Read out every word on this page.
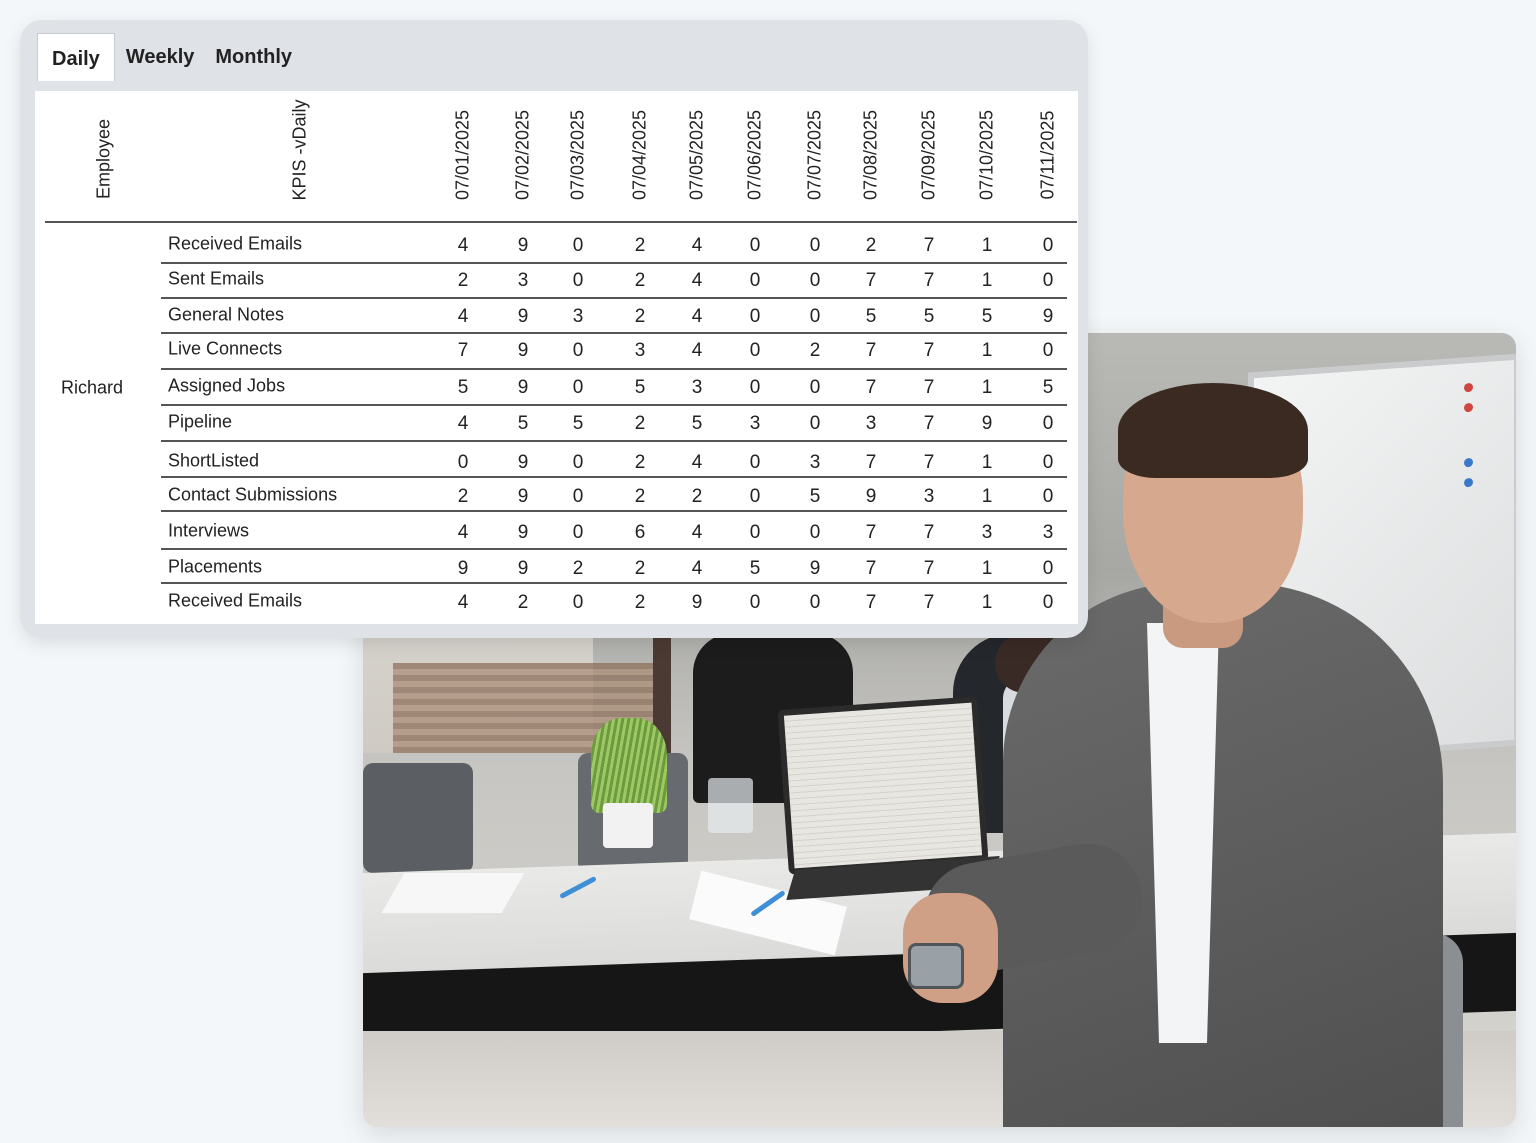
Daily	Weekly	Monthly
Employee	KPIS -vDaily
Richard
07/01/2025 07/02/2025 07/03/2025 07/04/2025 07/05/2025 07/06/2025 07/07/2025 07/08/2025 07/09/2025 07/10/2025 07/11/2025
Received Emails	4	9 0	2 4 0	0 2 7 1	0
Sent Emails	2	3 0	2 4 0	0 7 7 1	0
General Notes	4	9 3	2 4 0	0 5 5 5	9
Live Connects	7	9 0	3 4 0	2 7 7 1	0
Assigned Jobs	5	9 0	5 3 0	0 7 7 1	5
Pipeline	4	5 5	2 5 3	0 3 7 9	0
ShortListed	0	9 0	2 4 0	3 7 7 1	0
Contact Submissions	2	9 0	2 2 0	5 9 3 1	0
Interviews	4	9 0	6 4 0	0 7 7 3	3
Placements	9	9 2	2 4 5	9 7 7 1	0
Received Emails	4	2 0	2 9 0	0 7 7 1	0
